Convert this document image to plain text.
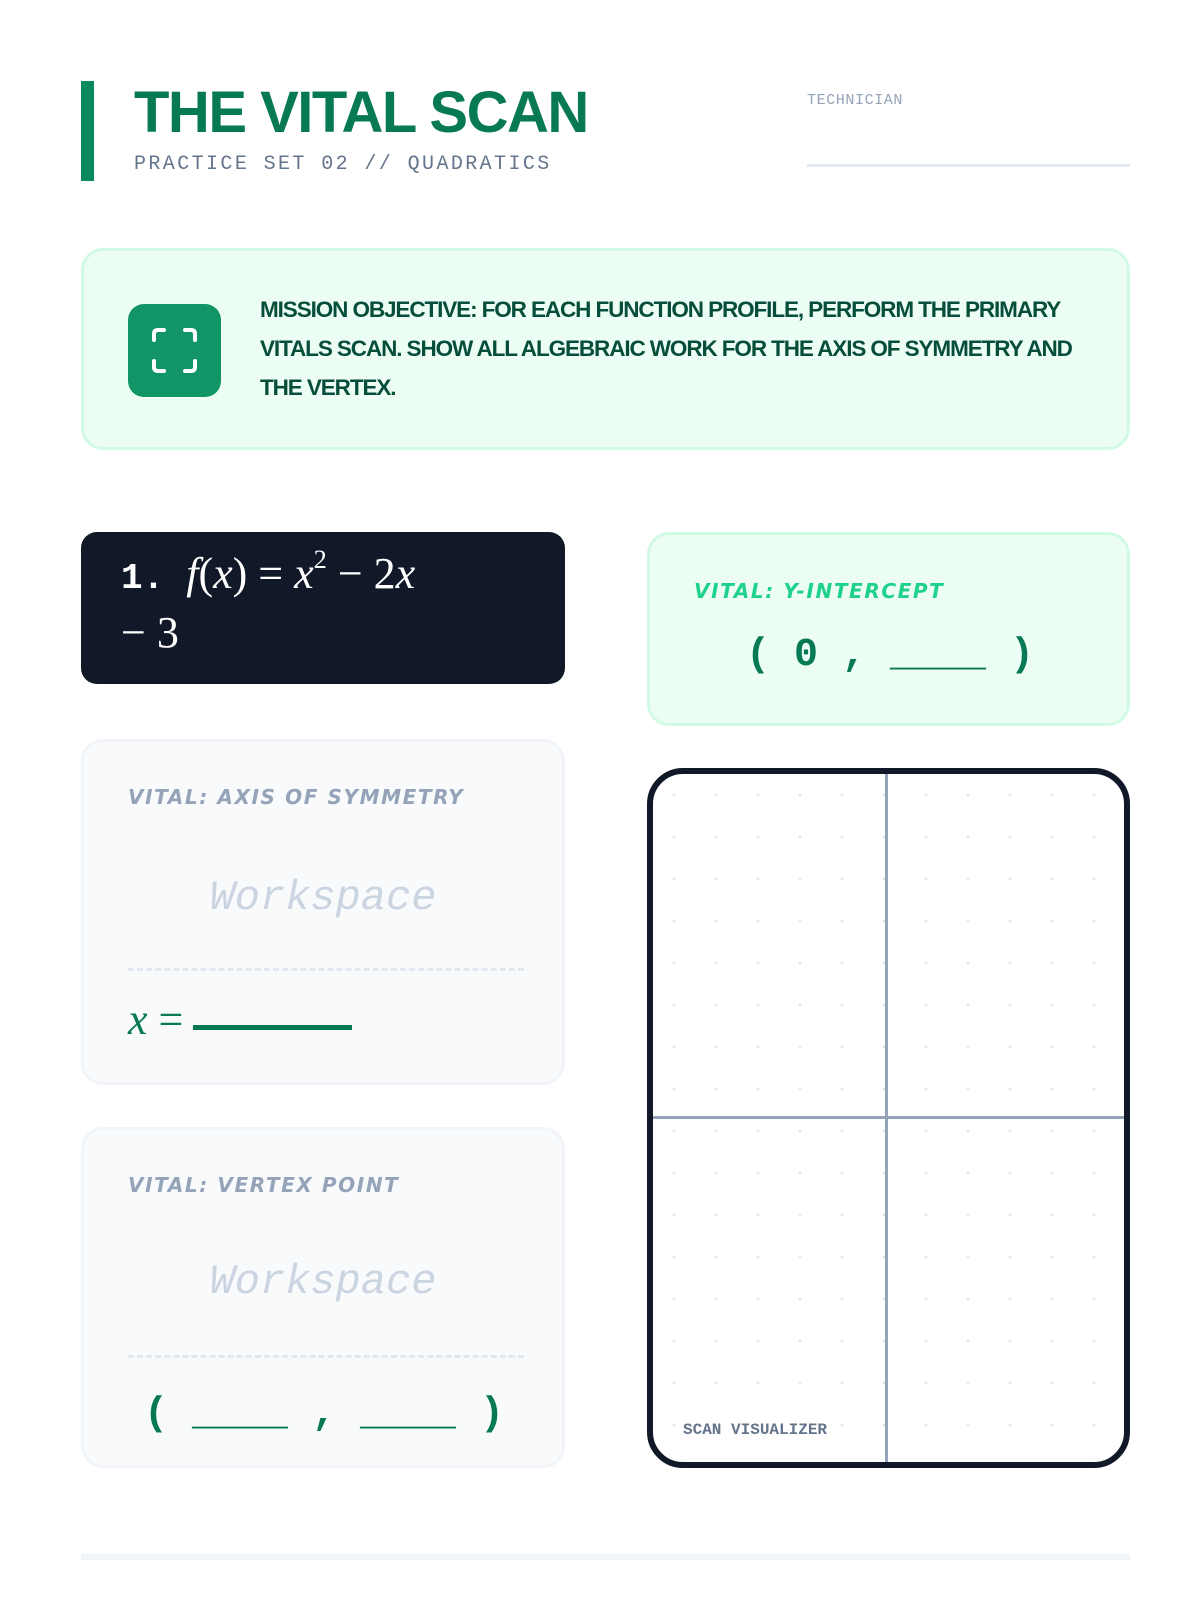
THE VITAL SCAN
PRACTICE SET 02 // QUADRATICS
TECHNICIAN
MISSION OBJECTIVE: FOR EACH FUNCTION PROFILE, PERFORM THE PRIMARY VITALS SCAN. SHOW ALL ALGEBRAIC WORK FOR THE AXIS OF SYMMETRY AND THE VERTEX.
1. $f(x) = x^2 - 2x$
− 3
VITAL: Y-INTERCEPT
( 0 , ____ )
VITAL: AXIS OF SYMMETRY
Workspace
x =
VITAL: VERTEX POINT
Workspace
( ____ , ____ )	SCAN VISUALIZER
